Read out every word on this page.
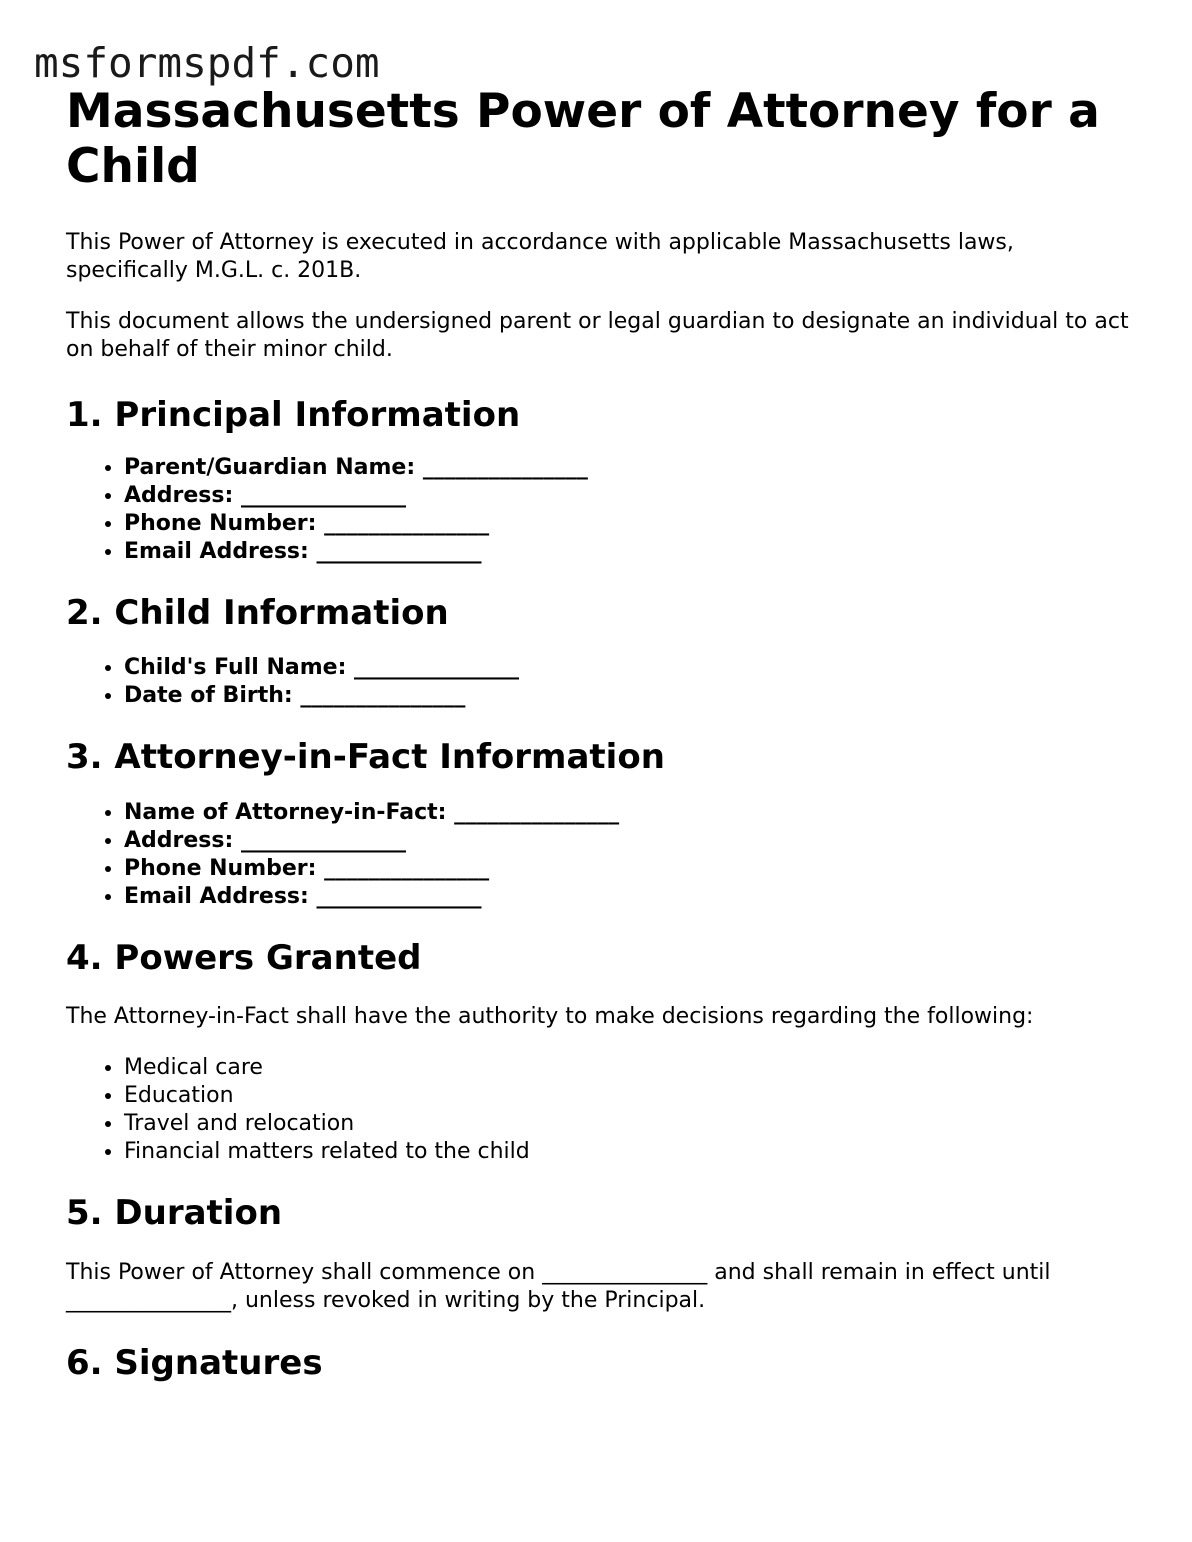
msformspdf.com
Massachusetts Power of Attorney for a Child

This Power of Attorney is executed in accordance with applicable Massachusetts laws, specifically M.G.L. c. 201B.

This document allows the undersigned parent or legal guardian to designate an individual to act on behalf of their minor child.

1. Principal Information
• Parent/Guardian Name: _______________
• Address: _______________
• Phone Number: _______________
• Email Address: _______________
2. Child Information
• Child's Full Name: _______________
• Date of Birth: _______________
3. Attorney-in-Fact Information
• Name of Attorney-in-Fact: _______________
• Address: _______________
• Phone Number: _______________
• Email Address: _______________
4. Powers Granted

The Attorney-in-Fact shall have the authority to make decisions regarding the following:

• Medical care
• Education
• Travel and relocation
• Financial matters related to the child
5. Duration

This Power of Attorney shall commence on _______________ and shall remain in effect until _______________, unless revoked in writing by the Principal.

6. Signatures
